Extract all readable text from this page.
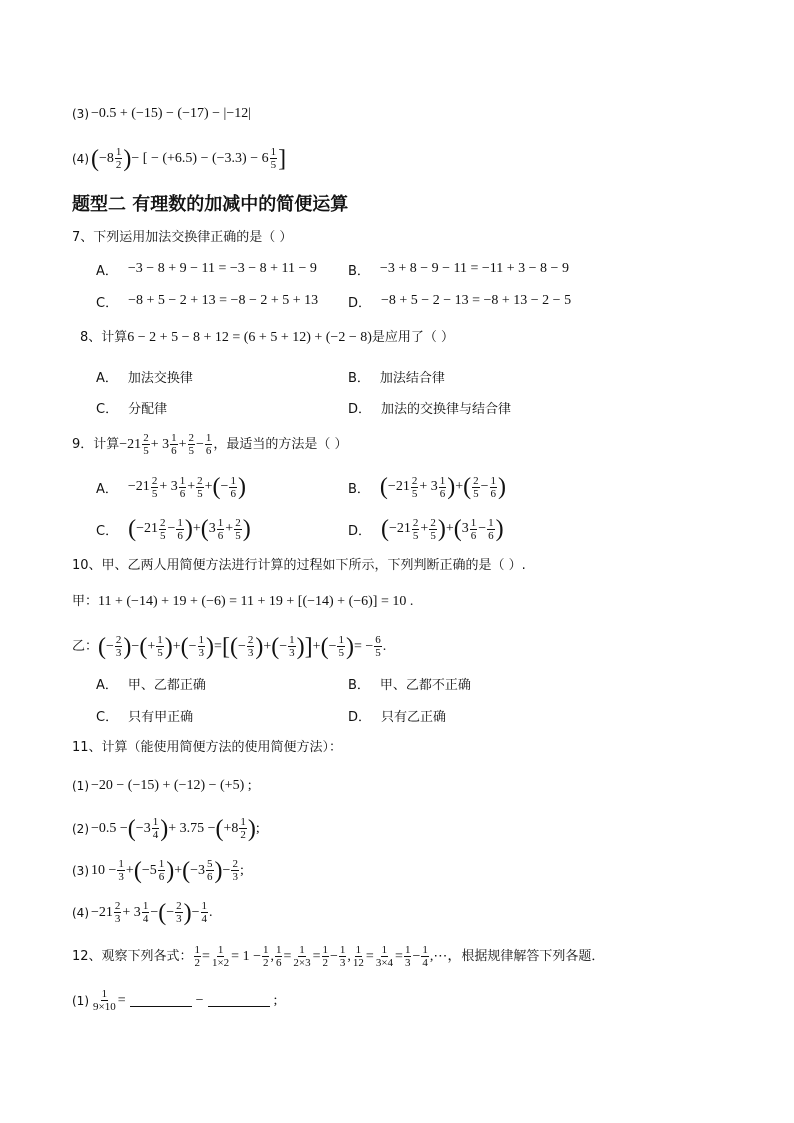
(3) −0.5 + (−15) − (−17) − |−12|
(4) ( $-8 \frac{1}{2}$ ) − [ − $(+6.5) - (-3.3) - 6 \frac{1}{5}$ ]
题型二 有理数的加减中的简便运算
7、下列运用加法交换律正确的是（ ）
A． −3 − 8 + 9 − 11 = −3 − 8 + 11 − 9 B． −3 + 8 − 9 − 11 = −11 + 3 − 8 − 9
C． −8 + 5 − 2 + 13 = −8 − 2 + 5 + 13 D． −8 + 5 − 2 − 13 = −8 + 13 − 2 − 5
8、计算 6 − 2 + 5 − 8 + 12 = (6 + 5 + 12) + (−2 − 8) 是应用了（ ）
A． 加法交换律	B． 加法结合律
C． 分配律	D． 加法的交换律与结合律
9．计算 $-21 \frac{2}{5} + 3 \frac{1}{6} + \frac{2}{5} - \frac{1}{6}$ ，最适当的方法是（ ）
A． $-21 \frac{2}{5} + 3 \frac{1}{6} + \frac{2}{5}$ + ( − $\frac{1}{6}$ )	B． ( $-21 \frac{2}{5} + 3 \frac{1}{6}$ ) + ( $\frac{2}{5} - \frac{1}{6}$ )
C． ( $-21 \frac{2}{5} - \frac{1}{6}$ ) + ( $3 \frac{1}{6} + \frac{2}{5}$ )	D． ( $-21 \frac{2}{5} + \frac{2}{5}$ ) + ( $3 \frac{1}{6} - \frac{1}{6}$ )
10、甲、乙两人用简便方法进行计算的过程如下所示，下列判断正确的是（ ）.
甲： 11 + (−14) + 19 + (−6) = 11 + 19 + [(−14) + (−6)] = 10 .
乙： ( − $\frac{2}{3}$ ) − ( + $\frac{1}{5}$ ) + ( − $\frac{1}{3}$ ) = [ ( − $\frac{2}{3}$ ) + ( − $\frac{1}{3}$ ) ] + ( − $\frac{1}{5}$ ) = − $\frac{6}{5}$ .
A． 甲、乙都正确	B． 甲、乙都不正确
C． 只有甲正确	D． 只有乙正确
11、计算（能使用简便方法的使用简便方法）：
(1) −20 − (−15) + (−12) − (+5) ;
(2) −0.5 − ( $-3 \frac{1}{4}$ ) + 3.75 − ( $+8 \frac{1}{2}$ ) ;
(3) $10 - \frac{1}{3}$ + ( $-5 \frac{1}{6}$ ) + ( $-3 \frac{5}{6}$ ) − $\frac{2}{3}$ ;
$(4) -21 \frac{2}{3} + 3 \frac{1}{4}$ − ( − $\frac{2}{3}$ ) − $\frac{1}{4}$ .
12、观察下列各式： $\frac{1}{2} = \frac{1}{1\times 2} = 1 - \frac{1}{2}$ , $\frac{1}{6} = \frac{1}{2\times 3} = \frac{1}{2} - \frac{1}{3}$ , $\frac{1}{12} = \frac{1}{3\times 4} = \frac{1}{3} - \frac{1}{4}$ ,⋯， 根据规律解答下列各题．
$(1) \frac{1}{9\times 10}$ =	−	;
